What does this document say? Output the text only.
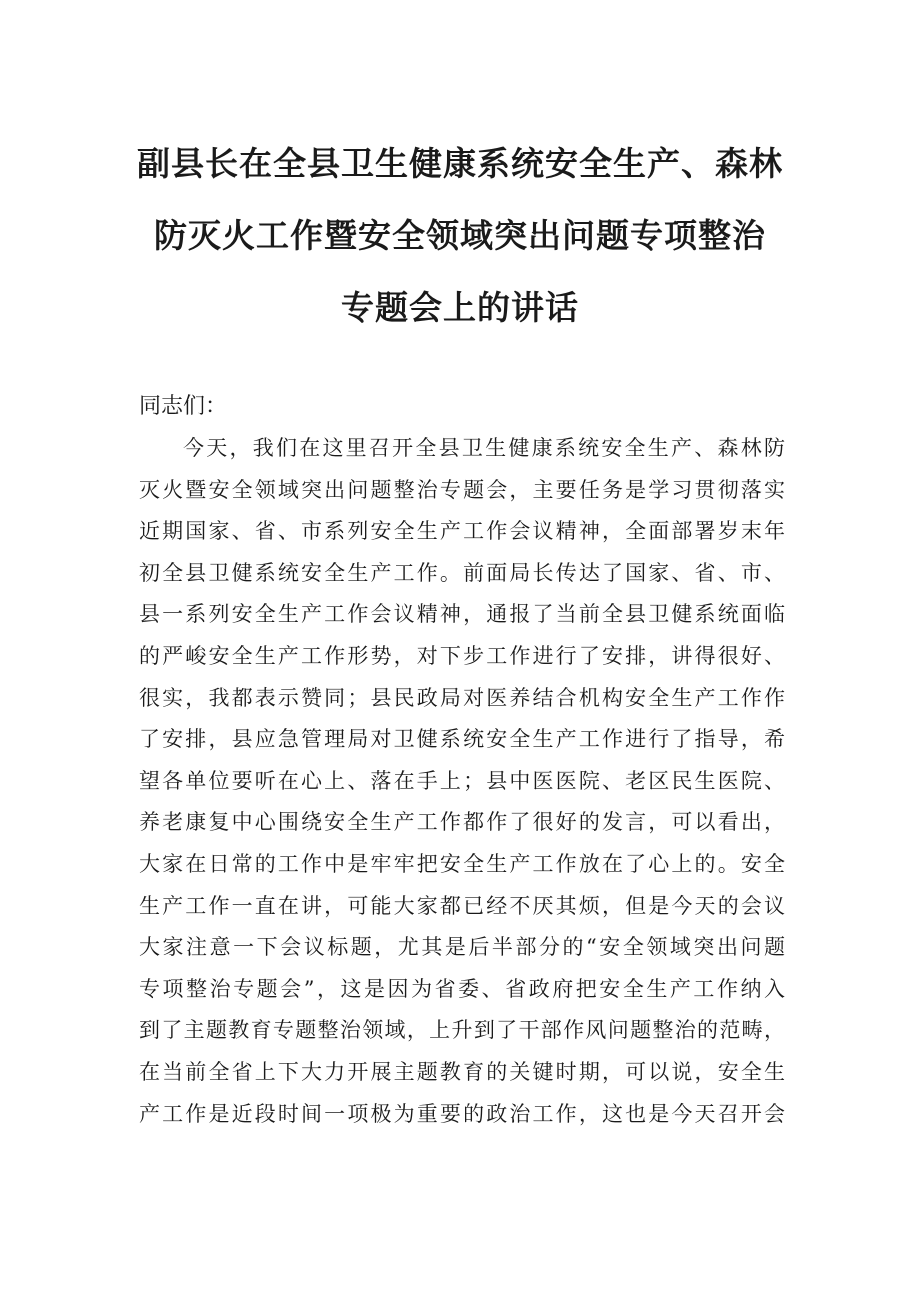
副县长在全县卫生健康系统安全生产、森林
防灭火工作暨安全领域突出问题专项整治
专题会上的讲话

同志们：

今天，我们在这里召开全县卫生健康系统安全生产、森林防
灭火暨安全领域突出问题整治专题会，主要任务是学习贯彻落实
近期国家、省、市系列安全生产工作会议精神，全面部署岁末年
初全县卫健系统安全生产工作。前面局长传达了国家、省、市、
县一系列安全生产工作会议精神，通报了当前全县卫健系统面临
的严峻安全生产工作形势，对下步工作进行了安排，讲得很好、
很实，我都表示赞同；县民政局对医养结合机构安全生产工作作
了安排，县应急管理局对卫健系统安全生产工作进行了指导，希
望各单位要听在心上、落在手上；县中医医院、老区民生医院、
养老康复中心围绕安全生产工作都作了很好的发言，可以看出，
大家在日常的工作中是牢牢把安全生产工作放在了心上的。安全
生产工作一直在讲，可能大家都已经不厌其烦，但是今天的会议
大家注意一下会议标题，尤其是后半部分的“安全领域突出问题
专项整治专题会”，这是因为省委、省政府把安全生产工作纳入
到了主题教育专题整治领域，上升到了干部作风问题整治的范畴，
在当前全省上下大力开展主题教育的关键时期，可以说，安全生
产工作是近段时间一项极为重要的政治工作，这也是今天召开会
